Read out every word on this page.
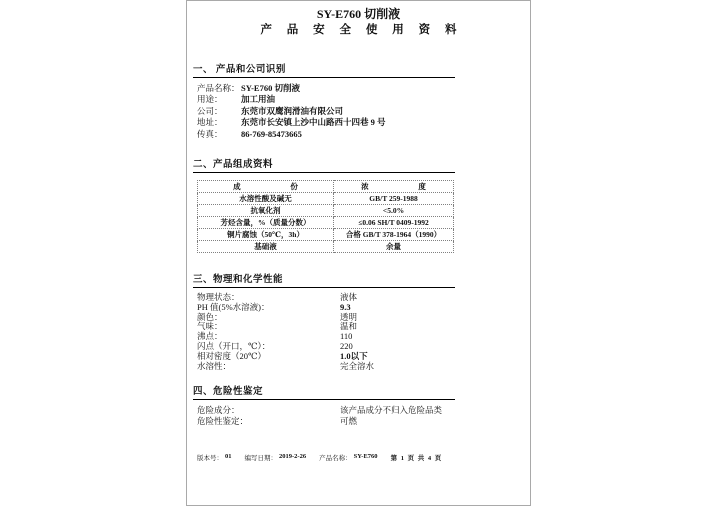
SY-E760 切削液
产 品 安 全 使 用 资 料
一、 产品和公司识别
产品名称： SY-E760 切削液
用途：	加工用油
公司：	东莞市双鹰润滑油有限公司
地址：	东莞市长安镇上沙中山路西十四巷 9 号
传真：	86-769-85473665
二、产品组成资料
成 份	浓 度
水溶性酸及碱无	GB/T 259-1988
抗氧化剂	<5.0%
芳烃含量，%（质量分数）	≤0.06 SH/T 0409-1992
铜片腐蚀（50℃，3h）	合格 GB/T 378-1964（1990）
基础液	余量
三、物理和化学性能
物理状态：	液体
PH 值(5%水溶液)：	9.3
颜色：	透明
气味：	温和
沸点：	110
闪点（开口，℃）：	220
相对密度（20℃）	1.0以下
水溶性：	完全溶水
四、危险性鉴定
危险成分：	该产品成分不归入危险品类
危险性鉴定：	可燃
版本号： 01 编写日期： 2019-2-26 产品名称： SY-E760 第 1 页 共 4 页
